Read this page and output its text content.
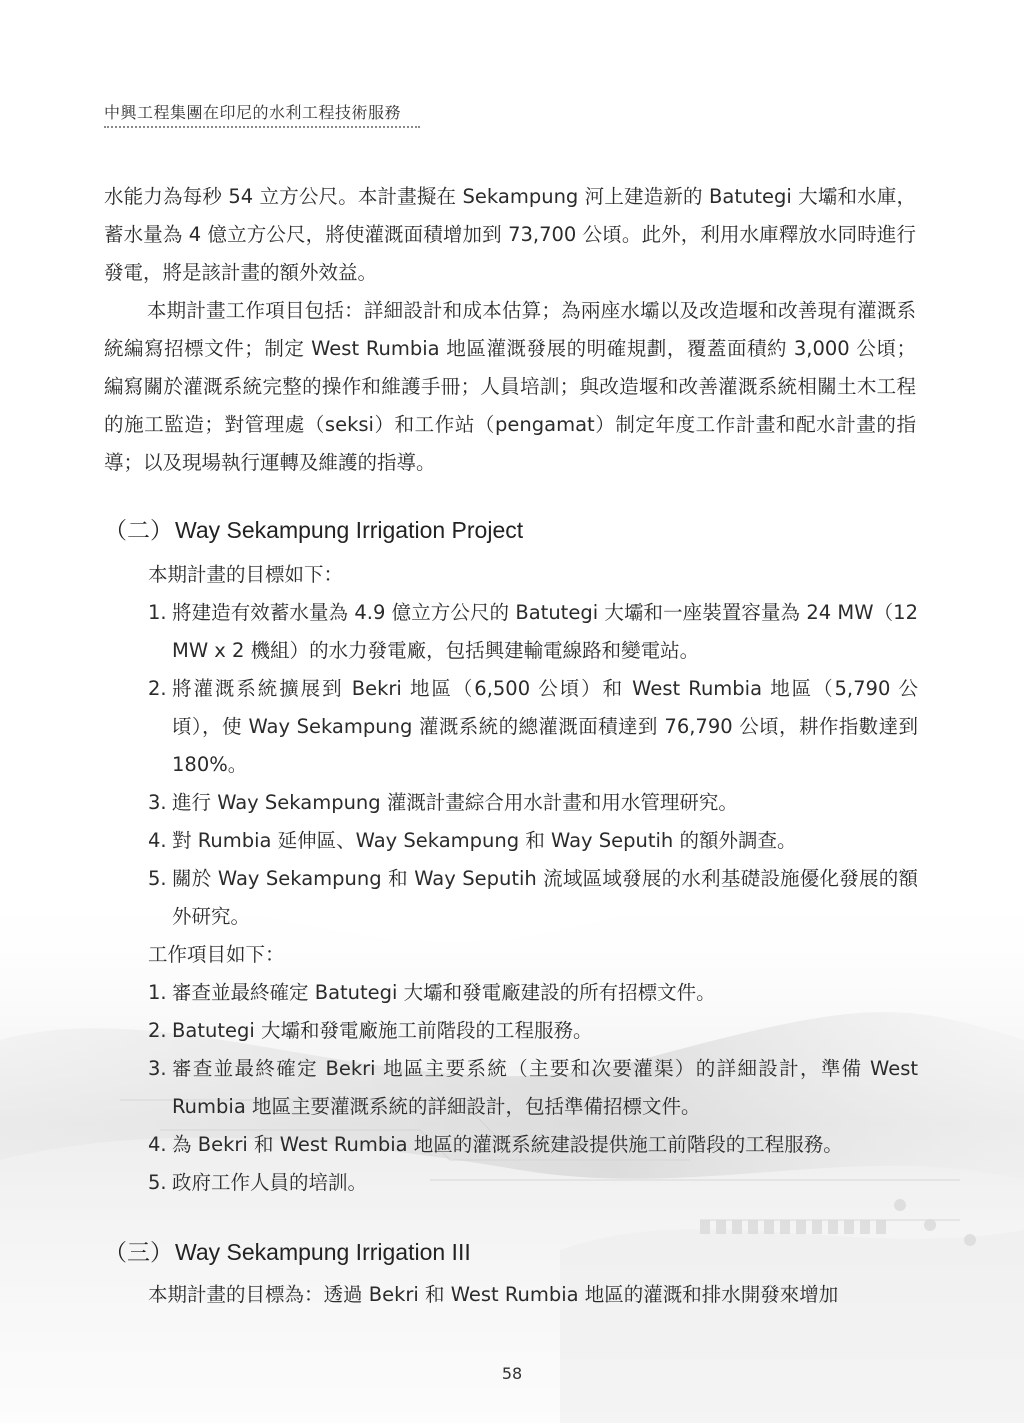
中興工程集團在印尼的水利工程技術服務

水能力為每秒 54 立方公尺。本計畫擬在 Sekampung 河上建造新的 Batutegi 大壩和水庫，蓄水量為 4 億立方公尺，將使灌溉面積增加到 73,700 公頃。此外，利用水庫釋放水同時進行發電，將是該計畫的額外效益。

本期計畫工作項目包括：詳細設計和成本估算；為兩座水壩以及改造堰和改善現有灌溉系統編寫招標文件；制定 West Rumbia 地區灌溉發展的明確規劃，覆蓋面積約 3,000 公頃；編寫關於灌溉系統完整的操作和維護手冊；人員培訓；與改造堰和改善灌溉系統相關土木工程的施工監造；對管理處（seksi）和工作站（pengamat）制定年度工作計畫和配水計畫的指導；以及現場執行運轉及維護的指導。

（二）Way Sekampung Irrigation Project

本期計畫的目標如下：

1. 將建造有效蓄水量為 4.9 億立方公尺的 Batutegi 大壩和一座裝置容量為 24 MW（12 MW x 2 機組）的水力發電廠，包括興建輸電線路和變電站。
2. 將灌溉系統擴展到 Bekri 地區（6,500 公頃）和 West Rumbia 地區（5,790 公頃），使 Way Sekampung 灌溉系統的總灌溉面積達到 76,790 公頃，耕作指數達到 180%。
3. 進行 Way Sekampung 灌溉計畫綜合用水計畫和用水管理研究。
4. 對 Rumbia 延伸區、Way Sekampung 和 Way Seputih 的額外調查。
5. 關於 Way Sekampung 和 Way Seputih 流域區域發展的水利基礎設施優化發展的額外研究。

工作項目如下：

1. 審查並最終確定 Batutegi 大壩和發電廠建設的所有招標文件。
2. Batutegi 大壩和發電廠施工前階段的工程服務。
3. 審查並最終確定 Bekri 地區主要系統（主要和次要灌渠）的詳細設計，準備 West Rumbia 地區主要灌溉系統的詳細設計，包括準備招標文件。
4. 為 Bekri 和 West Rumbia 地區的灌溉系統建設提供施工前階段的工程服務。
5. 政府工作人員的培訓。
（三）Way Sekampung Irrigation III

本期計畫的目標為：透過 Bekri 和 West Rumbia 地區的灌溉和排水開發來增加

58
